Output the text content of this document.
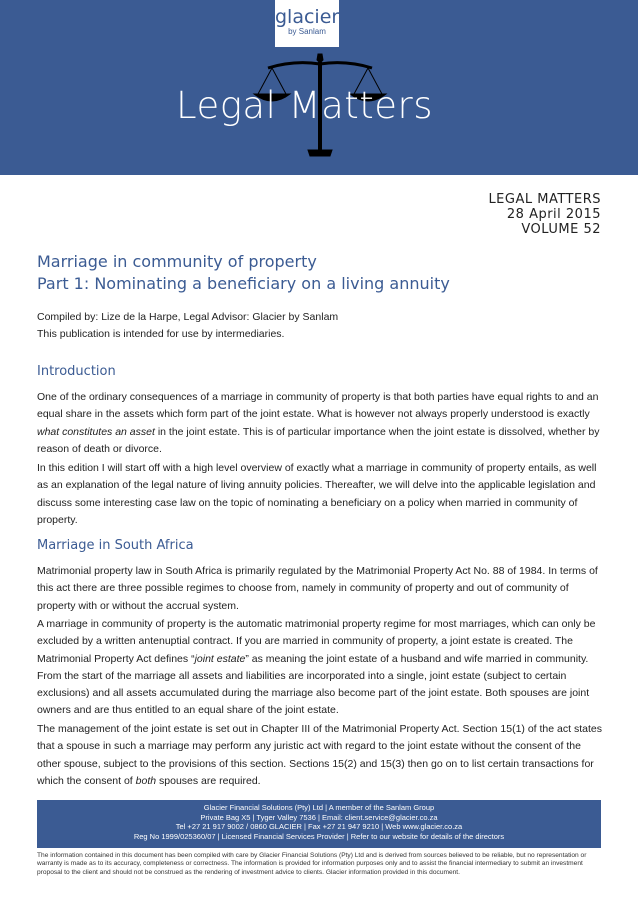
glacier
by Sanlam
Legal Matters
LEGAL MATTERS
28 April 2015
VOLUME 52
Marriage in community of property
Part 1: Nominating a beneficiary on a living annuity

Compiled by: Lize de la Harpe, Legal Advisor: Glacier by Sanlam

This publication is intended for use by intermediaries.

Introduction

One of the ordinary consequences of a marriage in community of property is that both parties have equal rights to and an equal share in the assets which form part of the joint estate. What is however not always properly understood is exactly what constitutes an asset in the joint estate. This is of particular importance when the joint estate is dissolved, whether by reason of death or divorce.

In this edition I will start off with a high level overview of exactly what a marriage in community of property entails, as well as an explanation of the legal nature of living annuity policies. Thereafter, we will delve into the applicable legislation and discuss some interesting case law on the topic of nominating a beneficiary on a policy when married in community of property.

Marriage in South Africa

Matrimonial property law in South Africa is primarily regulated by the Matrimonial Property Act No. 88 of 1984. In terms of this act there are three possible regimes to choose from, namely in community of property and out of community of property with or without the accrual system.

A marriage in community of property is the automatic matrimonial property regime for most marriages, which can only be excluded by a written antenuptial contract. If you are married in community of property, a joint estate is created. The Matrimonial Property Act defines “joint estate” as meaning the joint estate of a husband and wife married in community. From the start of the marriage all assets and liabilities are incorporated into a single, joint estate (subject to certain exclusions) and all assets accumulated during the marriage also become part of the joint estate. Both spouses are joint owners and are thus entitled to an equal share of the joint estate.

The management of the joint estate is set out in Chapter III of the Matrimonial Property Act. Section 15(1) of the act states that a spouse in such a marriage may perform any juristic act with regard to the joint estate without the consent of the other spouse, subject to the provisions of this section. Sections 15(2) and 15(3) then go on to list certain transactions for which the consent of both spouses are required.

Glacier Financial Solutions (Pty) Ltd | A member of the Sanlam Group
Private Bag X5 | Tyger Valley 7536 | Email: client.service@glacier.co.za
Tel +27 21 917 9002 / 0860 GLACIER | Fax +27 21 947 9210 | Web www.glacier.co.za
Reg No 1999/025360/07 | Licensed Financial Services Provider | Refer to our website for details of the directors
The information contained in this document has been compiled with care by Glacier Financial Solutions (Pty) Ltd and is derived from sources believed to be reliable, but no representation or warranty is made as to its accuracy, completeness or correctness. The information is provided for information purposes only and to assist the financial intermediary to submit an investment proposal to the client and should not be construed as the rendering of investment advice to clients. Glacier information provided in this document.
